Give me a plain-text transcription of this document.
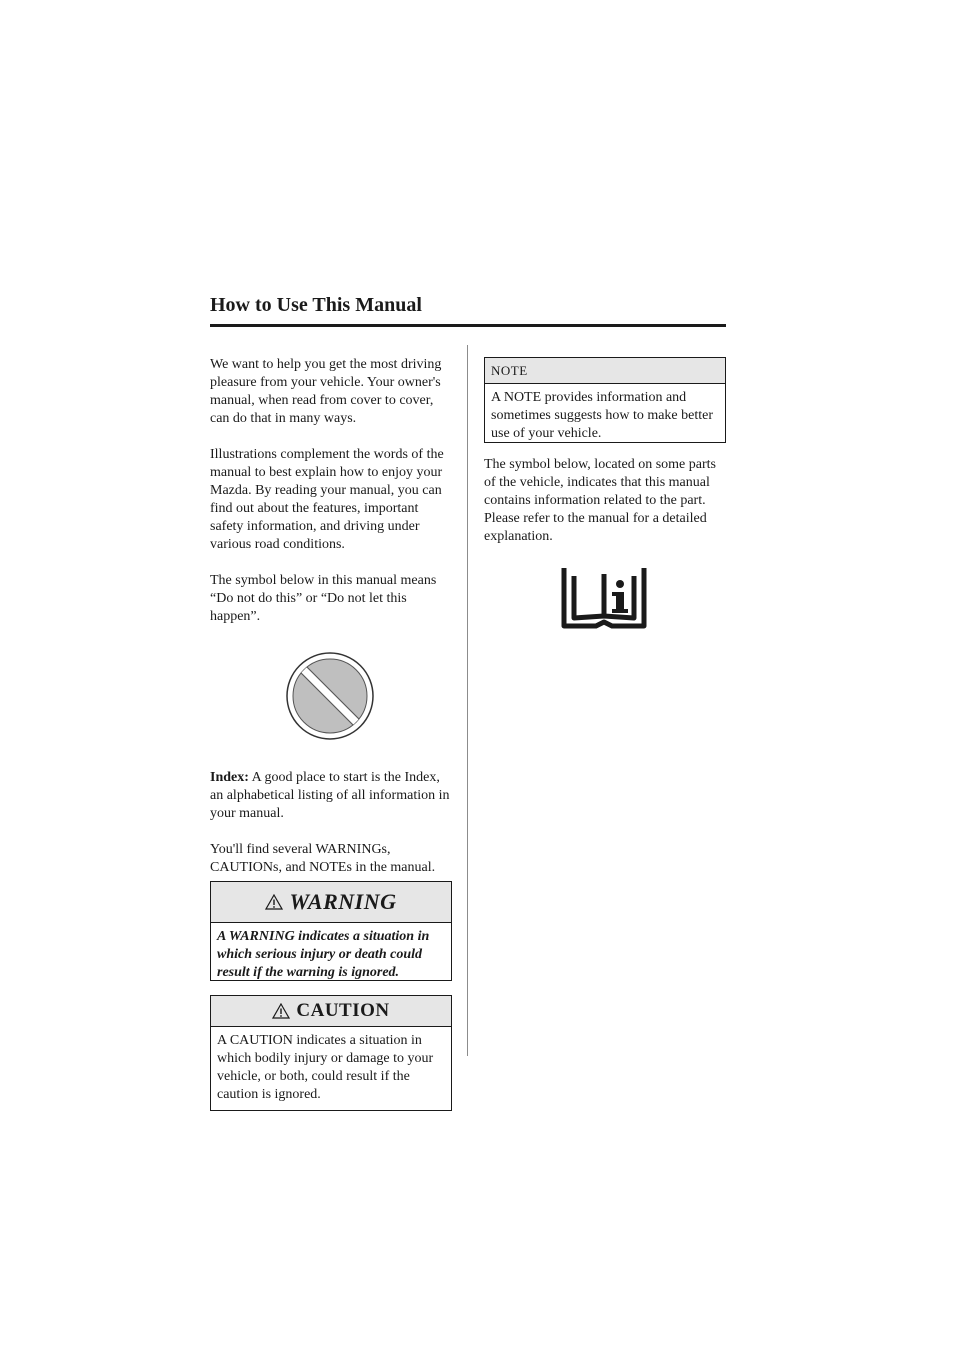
How to Use This Manual

We want to help you get the most driving pleasure from your vehicle. Your owner's manual, when read from cover to cover, can do that in many ways.

Illustrations complement the words of the manual to best explain how to enjoy your Mazda. By reading your manual, you can find out about the features, important safety information, and driving under various road conditions.

The symbol below in this manual means “Do not do this” or “Do not let this happen”.

Index: A good place to start is the Index, an alphabetical listing of all information in your manual.

You'll find several WARNINGs, CAUTIONs, and NOTEs in the manual.

WARNING
A WARNING indicates a situation in which serious injury or death could result if the warning is ignored.
CAUTION
A CAUTION indicates a situation in which bodily injury or damage to your vehicle, or both, could result if the caution is ignored.
NOTE
A NOTE provides information and sometimes suggests how to make better use of your vehicle.

The symbol below, located on some parts of the vehicle, indicates that this manual contains information related to the part. Please refer to the manual for a detailed explanation.
